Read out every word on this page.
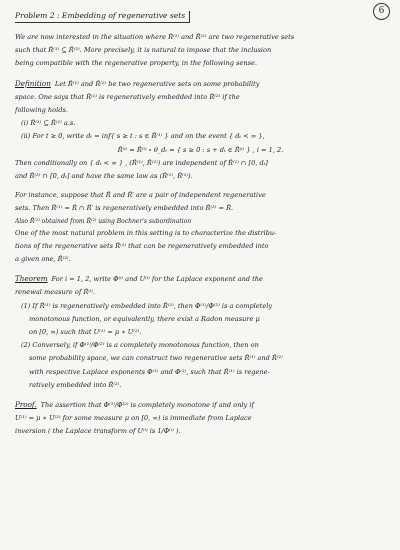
6
Problem 2 : Embedding of regenerative sets
We are now interested in the situation where Ř⁽¹⁾ and Ř⁽²⁾ are two regenerative sets
such that Ř⁽¹⁾ ⊆ Ř⁽²⁾. More precisely, it is natural to impose that the inclusion
being compatible with the regenerative property, in the following sense.
Definition Let Ř⁽¹⁾ and Ř⁽²⁾ be two regenerative sets on some probability
space. One says that Ř⁽¹⁾ is regeneratively embedded into Ř⁽²⁾ if the
following holds.
(i) Ř⁽¹⁾ ⊆ Ř⁽²⁾ a.s.
(ii) For t ≥ 0, write dₜ = inf{ s ≥ t : s ∈ Ř⁽¹⁾ } and on the event { dₜ < ∞ },
Ř⁽ⁱ⁾ = Ř⁽ⁱ⁾ ∘ θ_dₜ = { s ≥ 0 : s + dₜ ∈ Ř⁽ⁱ⁾ } , i = 1, 2.
Then conditionally on { dₜ < ∞ } , (Ř⁽¹⁾, Ř⁽²⁾) are independent of Ř⁽¹⁾ ∩ [0, dₜ]
and Ř⁽²⁾ ∩ [0, dₜ] and have the same law as (Ř⁽¹⁾, Ř⁽²⁾).
For instance, suppose that Ř and Ř′ are a pair of independent regenerative
sets. Then Ř⁽¹⁾ = Ř ∩ Ř′ is regeneratively embedded into Ř⁽²⁾ = Ř.
Also Ř⁽¹⁾ obtained from Ř⁽²⁾ using Bochner's subordination
One of the most natural problem in this setting is to characterize the distribu-
tions of the regenerative sets Ř⁽¹⁾ that can be regeneratively embedded into
a given one, Ř⁽²⁾.
Theorem For i = 1, 2, write Φ⁽ⁱ⁾ and U⁽ⁱ⁾ for the Laplace exponent and the
renewal measure of Ř⁽ⁱ⁾.
(1) If Ř⁽¹⁾ is regeneratively embedded into Ř⁽²⁾, then Φ⁽¹⁾/Φ⁽²⁾ is a completely
monotonous function, or equivalently, there exist a Radon measure μ
on [0, ∞) such that U⁽¹⁾ = μ ∗ U⁽²⁾.
(2) Conversely, if Φ⁽¹⁾/Φ⁽²⁾ is a completely monotonous function, then on
some probability space, we can construct two regenerative sets Ř⁽¹⁾ and Ř⁽²⁾
with respective Laplace exponents Φ⁽¹⁾ and Φ⁽²⁾, such that Ř⁽¹⁾ is regene-
ratively embedded into Ř⁽²⁾.
Proof. The assertion that Φ⁽¹⁾/Φ⁽²⁾ is completely monotone if and only if
U⁽¹⁾ = μ ∗ U⁽²⁾ for some measure μ on [0, ∞) is immediate from Laplace
inversion ( the Laplace transform of U⁽ⁱ⁾ is 1/Φ⁽ⁱ⁾ ).
